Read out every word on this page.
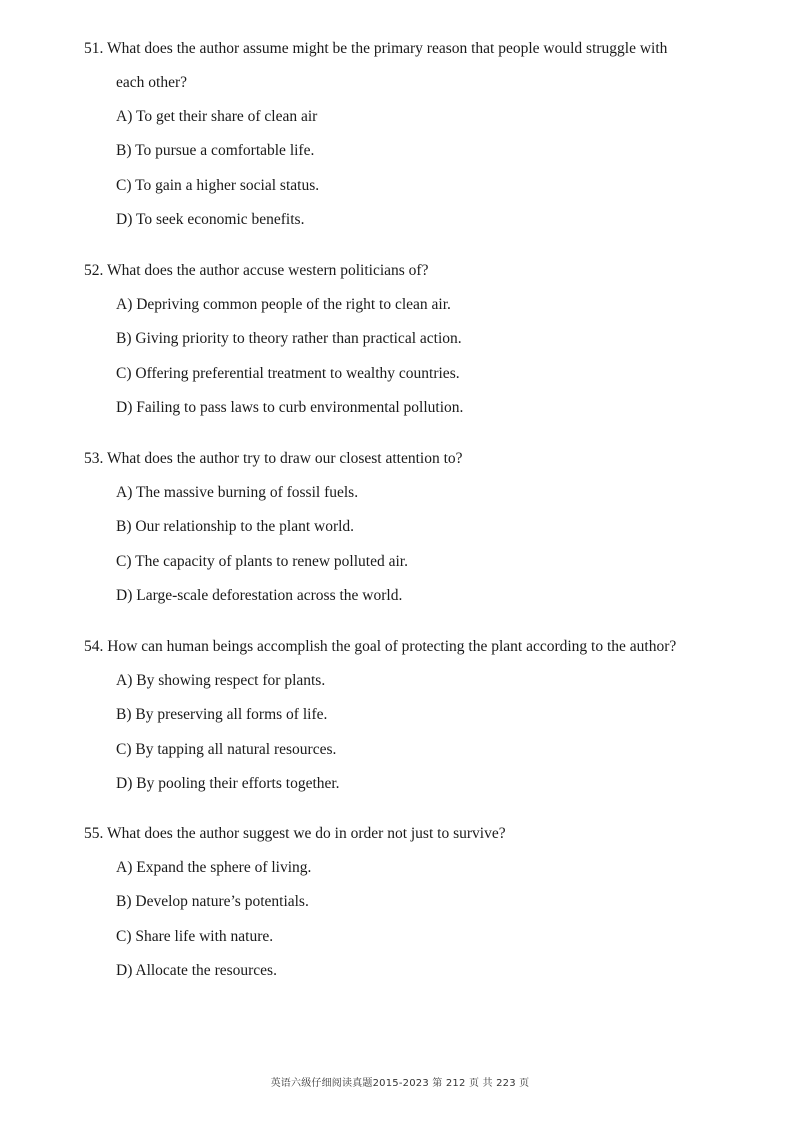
51. What does the author assume might be the primary reason that people would struggle with
each other?

A) To get their share of clean air
B) To pursue a comfortable life.
C) To gain a higher social status.
D) To seek economic benefits.

52. What does the author accuse western politicians of?

A) Depriving common people of the right to clean air.
B) Giving priority to theory rather than practical action.
C) Offering preferential treatment to wealthy countries.
D) Failing to pass laws to curb environmental pollution.

53. What does the author try to draw our closest attention to?

A) The massive burning of fossil fuels.
B) Our relationship to the plant world.
C) The capacity of plants to renew polluted air.
D) Large-scale deforestation across the world.

54. How can human beings accomplish the goal of protecting the plant according to the author?

A) By showing respect for plants.
B) By preserving all forms of life.
C) By tapping all natural resources.
D) By pooling their efforts together.

55. What does the author suggest we do in order not just to survive?

A) Expand the sphere of living.
B) Develop nature’s potentials.
C) Share life with nature.
D) Allocate the resources.
英语六级仔细阅读真题2015-2023 第 212 页 共 223 页
